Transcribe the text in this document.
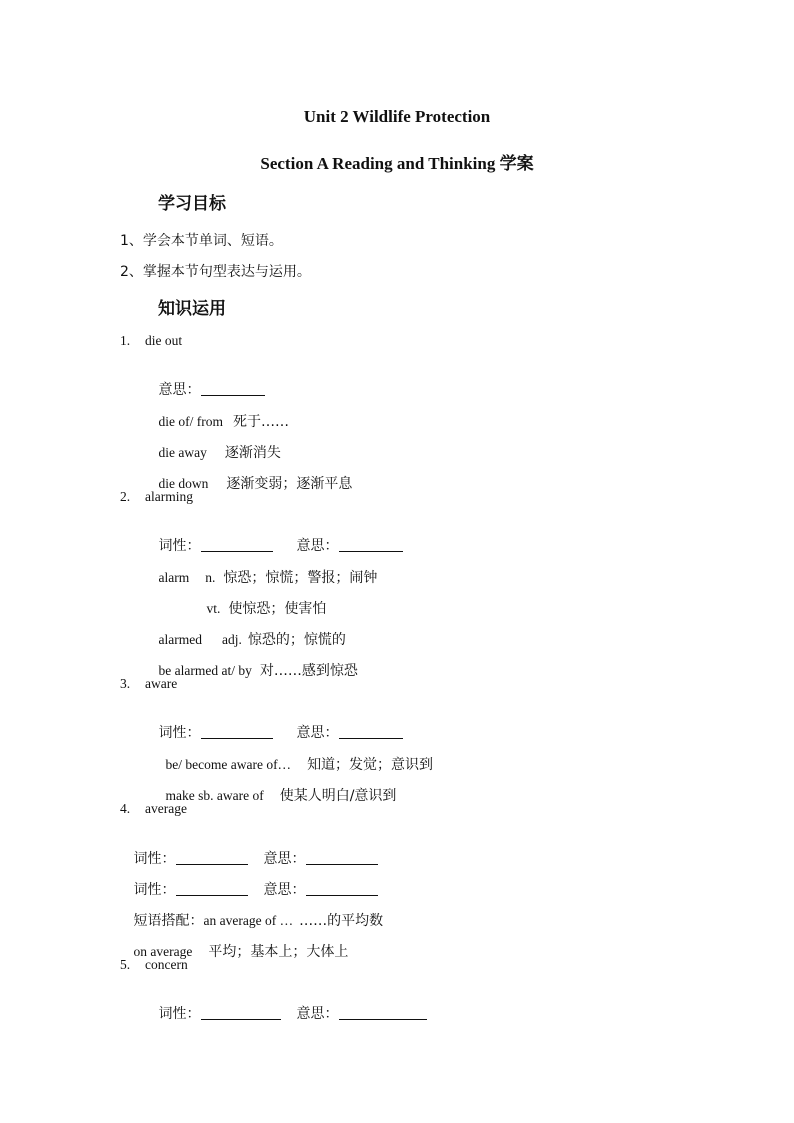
Unit 2 Wildlife Protection
Section A Reading and Thinking 学案
学习目标
1、学会本节单词、短语。
2、掌握本节句型表达与运用。
知识运用
1. die out

意思：

die of/ from 死于……

die away 逐渐消失

die down 逐渐变弱；逐渐平息

2. alarming

词性：	意思：

alarm n. 惊恐；惊慌；警报；闹钟

vt. 使惊恐；使害怕

alarmed adj. 惊恐的；惊慌的

be alarmed at/ by 对……感到惊恐

3. aware

词性：	意思：

be/ become aware of… 知道；发觉；意识到

make sb. aware of 使某人明白/意识到

4. average

词性：	意思：

词性：	意思：

短语搭配：an average of … ……的平均数

on average 平均；基本上；大体上

5. concern

词性：	意思：
